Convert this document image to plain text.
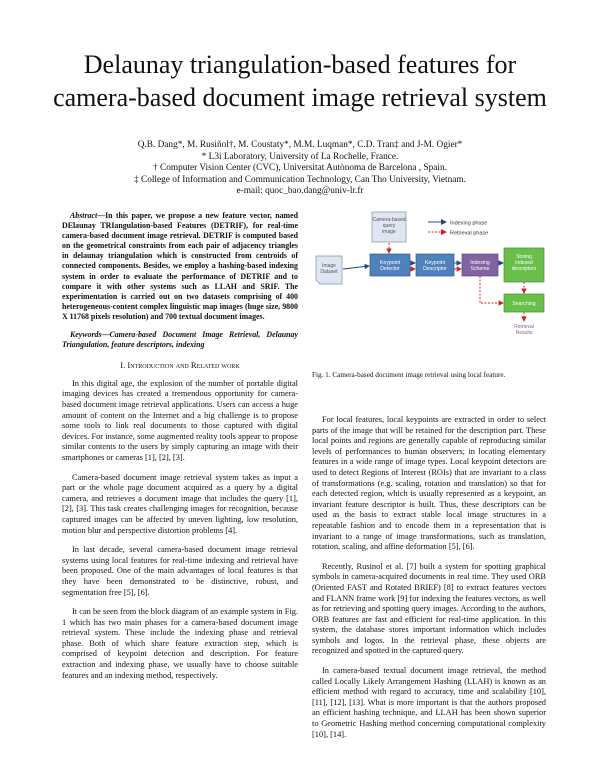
Delaunay triangulation-based features for
camera-based document image retrieval system
Q.B. Dang*, M. Rusiñol†, M. Coustaty*, M.M. Luqman*, C.D. Tran‡ and J-M. Ogier*
* L3i Laboratory, University of La Rochelle, France.
† Computer Vision Center (CVC), Universitat Autònoma de Barcelona , Spain.
‡ College of Information and Communication Technology, Can Tho University, Vietnam.
e-mail: quoc_bao.dang@univ-lr.fr

Abstract—In this paper, we propose a new feature vector, named DElaunay TRIangulation-based Features (DETRIF), for real-time camera-based document image retrieval. DETRIF is computed based on the geometrical constraints from each pair of adjacency triangles in delaunay triangulation which is constructed from centroids of connected components. Besides, we employ a hashing-based indexing system in order to evaluate the performance of DETRIF and to compare it with other systems such as LLAH and SRIF. The experimentation is carried out on two datasets comprising of 400 heterogeneous-content complex linguistic map images (huge size, 9800 X 11768 pixels resolution) and 700 textual document images.

Keywords—Camera-based Document Image Retrieval, Delaunay Triangulation, feature descriptors, indexing

I. Introduction and Related work

In this digital age, the explosion of the number of portable digital imaging devices has created a tremendous opportunity for camera-based document image retrieval applications. Users can access a huge amount of content on the Internet and a big challenge is to propose some tools to link real documents to those captured with digital devices. For instance, some augmented reality tools appear to propose similar contents to the users by simply capturing an image with their smartphones or cameras [1], [2], [3].

Camera-based document image retrieval system takes as input a part or the whole page document acquired as a query by a digital camera, and retrieves a document image that includes the query [1], [2], [3]. This task creates challenging images for recognition, because captured images can be affected by uneven lighting, low resolution, motion blur and perspective distortion problems [4].

In last decade, several camera-based document image retrieval systems using local features for real-time indexing and retrieval have been proposed. One of the main advantages of local features is that they have been demonstrated to be distinctive, robust, and segmentation free [5], [6].

It can be seen from the block diagram of an example system in Fig. 1 which has two main phases for a camera-based document image retrieval system. These include the indexing phase and retrieval phase. Both of which share feature extraction step, which is comprised of keypoint detection and description. For feature extraction and indexing phase, we usually have to choose suitable features and an indexing method, respectively.

Indexing phase
Retrieval phase
Camera-based query image
Image Dataset
Keypoint Detector
Keypoint Descriptor
Indexing Scheme
Storing indexed descriptors
Searching
Retrieval Results
Fig. 1. Camera-based document image retrieval using local feature.

For local features, local keypoints are extracted in order to select parts of the image that will be retained for the description part. These local points and regions are generally capable of reproducing similar levels of performances to human observers; in locating elementary features in a wide range of image types. Local keypoint detectors are used to detect Regions of Interest (ROIs) that are invariant to a class of transformations (e.g. scaling, rotation and translation) so that for each detected region, which is usually represented as a keypoint, an invariant feature descriptor is built. Thus, these descriptors can be used as the basis to extract stable local image structures in a repeatable fashion and to encode them in a representation that is invariant to a range of image transformations, such as translation, rotation, scaling, and affine deformation [5], [6].

Recently, Rusinol et al. [7] built a system for spotting graphical symbols in camera-acquired documents in real time. They used ORB (Oriented FAST and Rotated BRIEF) [8] to extract features vectors and FLANN frame work [9] for indexing the features vectors, as well as for retrieving and spotting query images. According to the authors, ORB features are fast and efficient for real-time application. In this system, the database stores important information which includes symbols and logos. In the retrieval phase, these objects are recognized and spotted in the captured query.

In camera-based textual document image retrieval, the method called Locally Likely Arrangement Hashing (LLAH) is known as an efficient method with regard to accuracy, time and scalability [10], [11], [12], [13]. What is more important is that the authors proposed an efficient hashing technique, and LLAH has been shown superior to Geometric Hashing method concerning computational complexity [10], [14].
